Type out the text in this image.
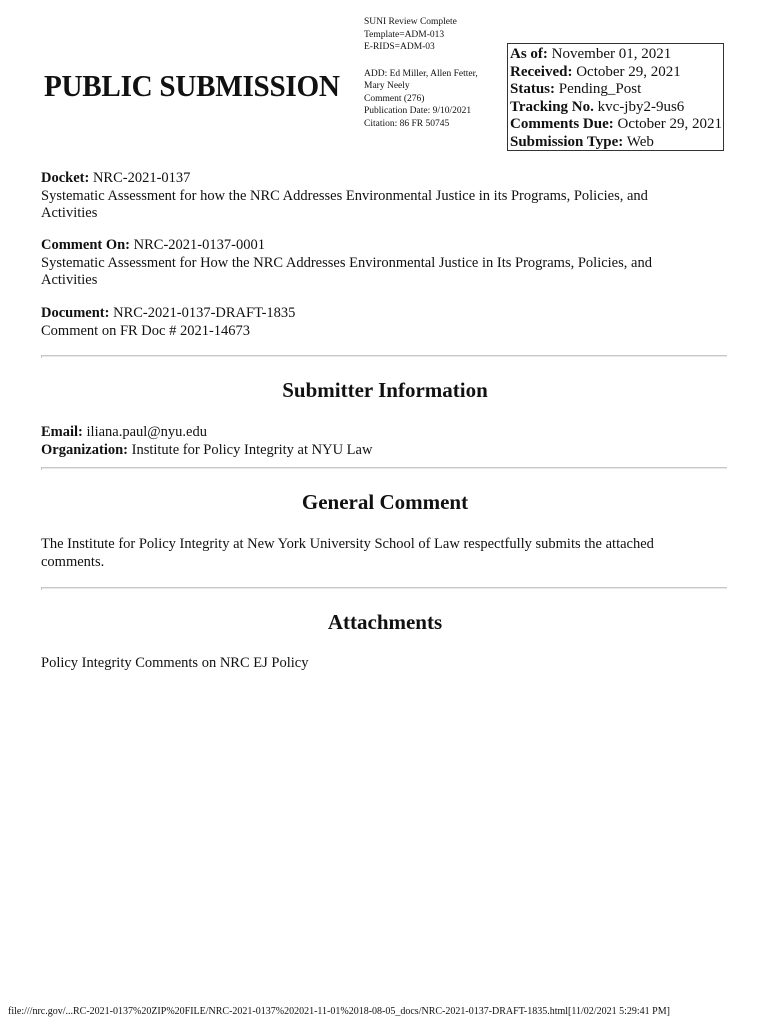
PUBLIC SUBMISSION
SUNI Review Complete
Template=ADM-013
E-RIDS=ADM-03
ADD: Ed Miller, Allen Fetter,
Mary Neely
Comment (276)
Publication Date: 9/10/2021
Citation: 86 FR 50745
As of: November 01, 2021
Received: October 29, 2021
Status: Pending_Post
Tracking No. kvc-jby2-9us6
Comments Due: October 29, 2021
Submission Type: Web
Docket: NRC-2021-0137
Systematic Assessment for how the NRC Addresses Environmental Justice in its Programs, Policies, and
Activities
Comment On: NRC-2021-0137-0001
Systematic Assessment for How the NRC Addresses Environmental Justice in Its Programs, Policies, and
Activities
Document: NRC-2021-0137-DRAFT-1835
Comment on FR Doc # 2021-14673
Submitter Information
Email: iliana.paul@nyu.edu
Organization: Institute for Policy Integrity at NYU Law
General Comment
The Institute for Policy Integrity at New York University School of Law respectfully submits the attached
comments.
Attachments
Policy Integrity Comments on NRC EJ Policy
file:///nrc.gov/...RC-2021-0137%20ZIP%20FILE/NRC-2021-0137%202021-11-01%2018-08-05_docs/NRC-2021-0137-DRAFT-1835.html[11/02/2021 5:29:41 PM]
